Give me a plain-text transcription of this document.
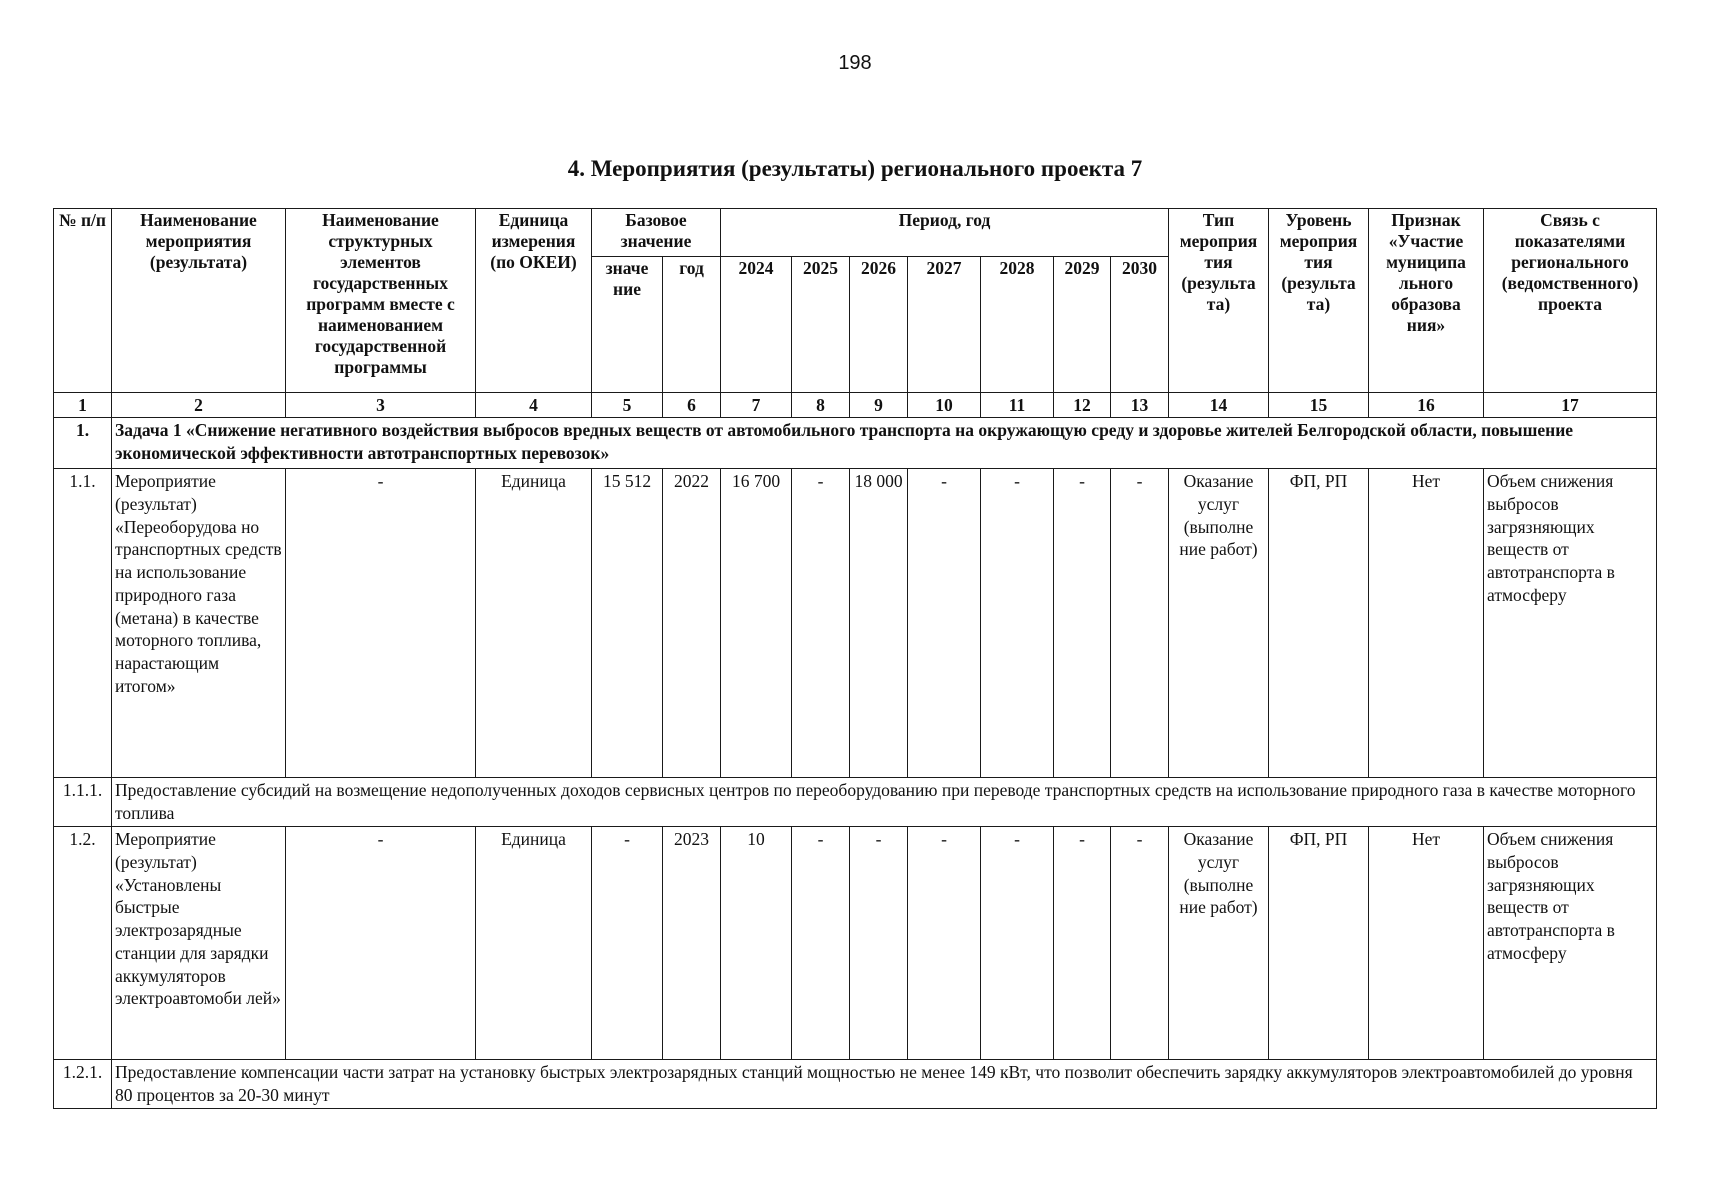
198
4. Мероприятия (результаты) регионального проекта 7
№ п/п	Наименование мероприятия (результата)	Наименование структурных элементов государственных программ вместе с наименованием государственной программы	Единица измерения (по ОКЕИ)	Базовое значение		Период, год							Тип мероприя тия (результа та)	Уровень мероприя тия (результа та)	Признак «Участие муниципа льного образова ния»	Связь с показателями регионального (ведомственного) проекта
				значе ние	год	2024	2025	2026	2027	2028	2029	2030				
1	2	3	4	5	6	7	8	9	10	11	12	13	14	15	16	17
1.	Задача 1 «Снижение негативного воздействия выбросов вредных веществ от автомобильного транспорта на окружающую среду и здоровье жителей Белгородской области, повышение экономической эффективности автотранспортных перевозок»															
1.1.	Мероприятие (результат) «Переоборудова но транспортных средств на использование природного газа (метана) в качестве моторного топлива, нарастающим итогом»	-	Единица	15 512	2022	16 700	-	18 000	-	-	-	-	Оказание услуг (выполне ние работ)	ФП, РП	Нет	Объем снижения выбросов загрязняющих веществ от автотранспорта в атмосферу
1.1.1.	Предоставление субсидий на возмещение недополученных доходов сервисных центров по переоборудованию при переводе транспортных средств на использование природного газа в качестве моторного топлива															
1.2.	Мероприятие (результат) «Установлены быстрые электрозарядные станции для зарядки аккумуляторов электроавтомоби лей»	-	Единица	-	2023	10	-	-	-	-	-	-	Оказание услуг (выполне ние работ)	ФП, РП	Нет	Объем снижения выбросов загрязняющих веществ от автотранспорта в атмосферу
1.2.1.	Предоставление компенсации части затрат на установку быстрых электрозарядных станций мощностью не менее 149 кВт, что позволит обеспечить зарядку аккумуляторов электроавтомобилей до уровня 80 процентов за 20-30 минут															
